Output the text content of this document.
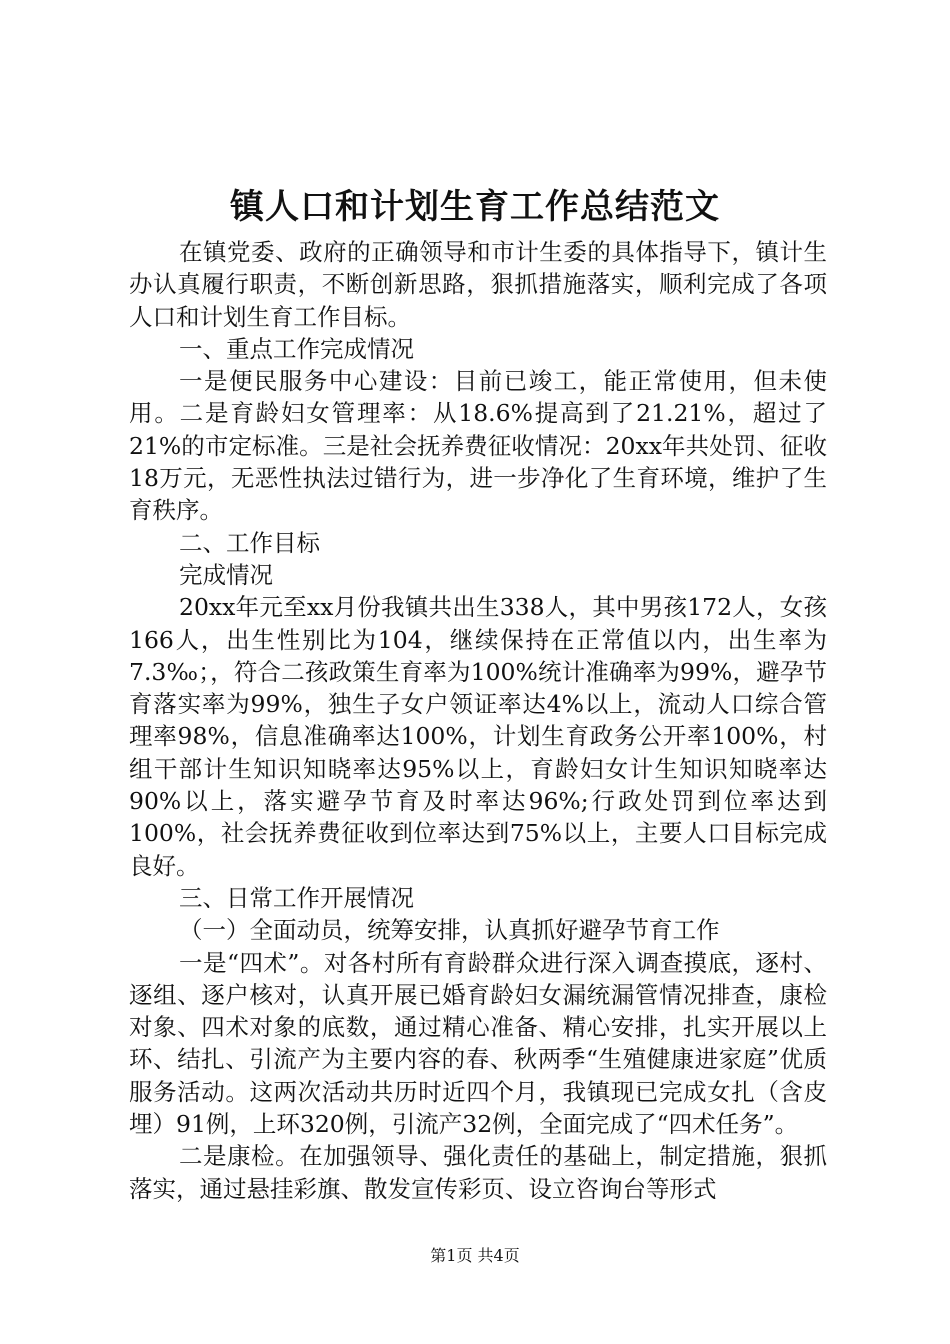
镇人口和计划生育工作总结范文

在镇党委、政府的正确领导和市计生委的具体指导下，镇计生办认真履行职责，不断创新思路，狠抓措施落实，顺利完成了各项人口和计划生育工作目标。

一、重点工作完成情况

一是便民服务中心建设：目前已竣工，能正常使用，但未使用。二是育龄妇女管理率：从18.6%提高到了21.21%，超过了21%的市定标准。三是社会抚养费征收情况：20xx年共处罚、征收18万元，无恶性执法过错行为，进一步净化了生育环境，维护了生育秩序。

二、工作目标

完成情况

20xx年元至xx月份我镇共出生338人，其中男孩172人，女孩166人，出生性别比为104，继续保持在正常值以内，出生率为7.3‰；，符合二孩政策生育率为100%统计准确率为99%，避孕节育落实率为99%，独生子女户领证率达4%以上，流动人口综合管理率98%，信息准确率达100%，计划生育政务公开率100%，村组干部计生知识知晓率达95%以上，育龄妇女计生知识知晓率达90%以上，落实避孕节育及时率达96%;行政处罚到位率达到100%，社会抚养费征收到位率达到75%以上，主要人口目标完成良好。

三、日常工作开展情况

（一）全面动员，统筹安排，认真抓好避孕节育工作

一是“四术”。对各村所有育龄群众进行深入调查摸底，逐村、逐组、逐户核对，认真开展已婚育龄妇女漏统漏管情况排查，康检对象、四术对象的底数，通过精心准备、精心安排，扎实开展以上环、结扎、引流产为主要内容的春、秋两季“生殖健康进家庭”优质服务活动。这两次活动共历时近四个月，我镇现已完成女扎（含皮埋）91例，上环320例，引流产32例，全面完成了“四术任务”。

二是康检。在加强领导、强化责任的基础上，制定措施，狠抓落实，通过悬挂彩旗、散发宣传彩页、设立咨询台等形式

第1页 共4页
